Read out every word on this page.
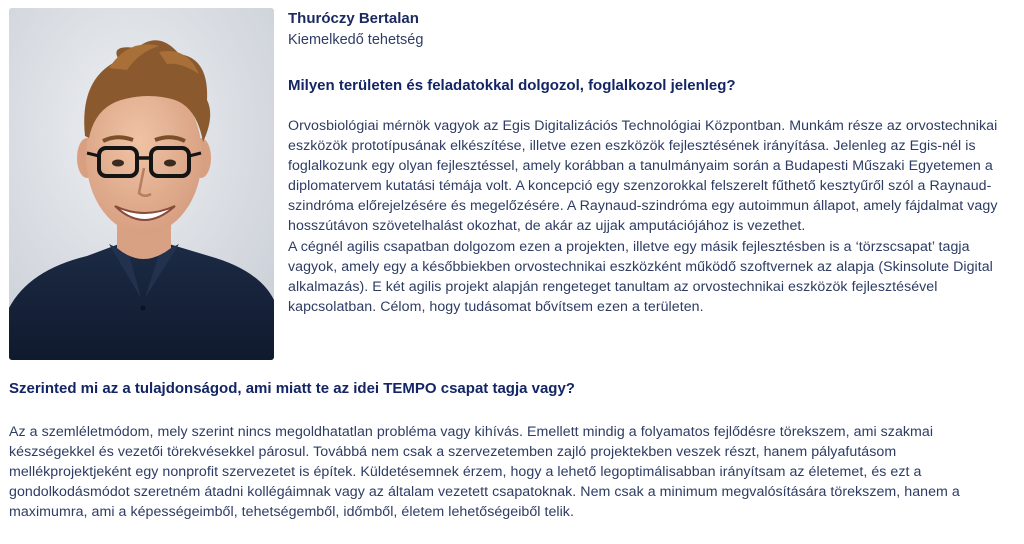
Thuróczy Bertalan
Kiemelkedő tehetség
Milyen területen és feladatokkal dolgozol, foglalkozol jelenleg?

Orvosbiológiai mérnök vagyok az Egis Digitalizációs Technológiai Központban. Munkám része az orvostechnikai eszközök prototípusának elkészítése, illetve ezen eszközök fejlesztésének irányítása. Jelenleg az Egis-nél is foglalkozunk egy olyan fejlesztéssel, amely korábban a tanulmányaim során a Budapesti Műszaki Egyetemen a diplomatervem kutatási témája volt. A koncepció egy szenzorokkal felszerelt fűthető kesztyűről szól a Raynaud-szindróma előrejelzésére és megelőzésére. A Raynaud-szindróma egy autoimmun állapot, amely fájdalmat vagy hosszútávon szövetelhalást okozhat, de akár az ujjak amputációjához is vezethet.

A cégnél agilis csapatban dolgozom ezen a projekten, illetve egy másik fejlesztésben is a ‘törzscsapat’ tagja vagyok, amely egy a későbbiekben orvostechnikai eszközként működő szoftvernek az alapja (Skinsolute Digital alkalmazás). E két agilis projekt alapján rengeteget tanultam az orvostechnikai eszközök fejlesztésével kapcsolatban. Célom, hogy tudásomat bővítsem ezen a területen.

Szerinted mi az a tulajdonságod, ami miatt te az idei TEMPO csapat tagja vagy?
Az a szemléletmódom, mely szerint nincs megoldhatatlan probléma vagy kihívás. Emellett mindig a folyamatos fejlődésre törekszem, ami szakmai készségekkel és vezetői törekvésekkel párosul. Továbbá nem csak a szervezetemben zajló projektekben veszek részt, hanem pályafutásom mellékprojektjeként egy nonprofit szervezetet is építek. Küldetésemnek érzem, hogy a lehető legoptimálisabban irányítsam az életemet, és ezt a gondolkodásmódot szeretném átadni kollégáimnak vagy az általam vezetett csapatoknak. Nem csak a minimum megvalósítására törekszem, hanem a maximumra, ami a képességeimből, tehetségemből, időmből, életem lehetőségeiből telik.
